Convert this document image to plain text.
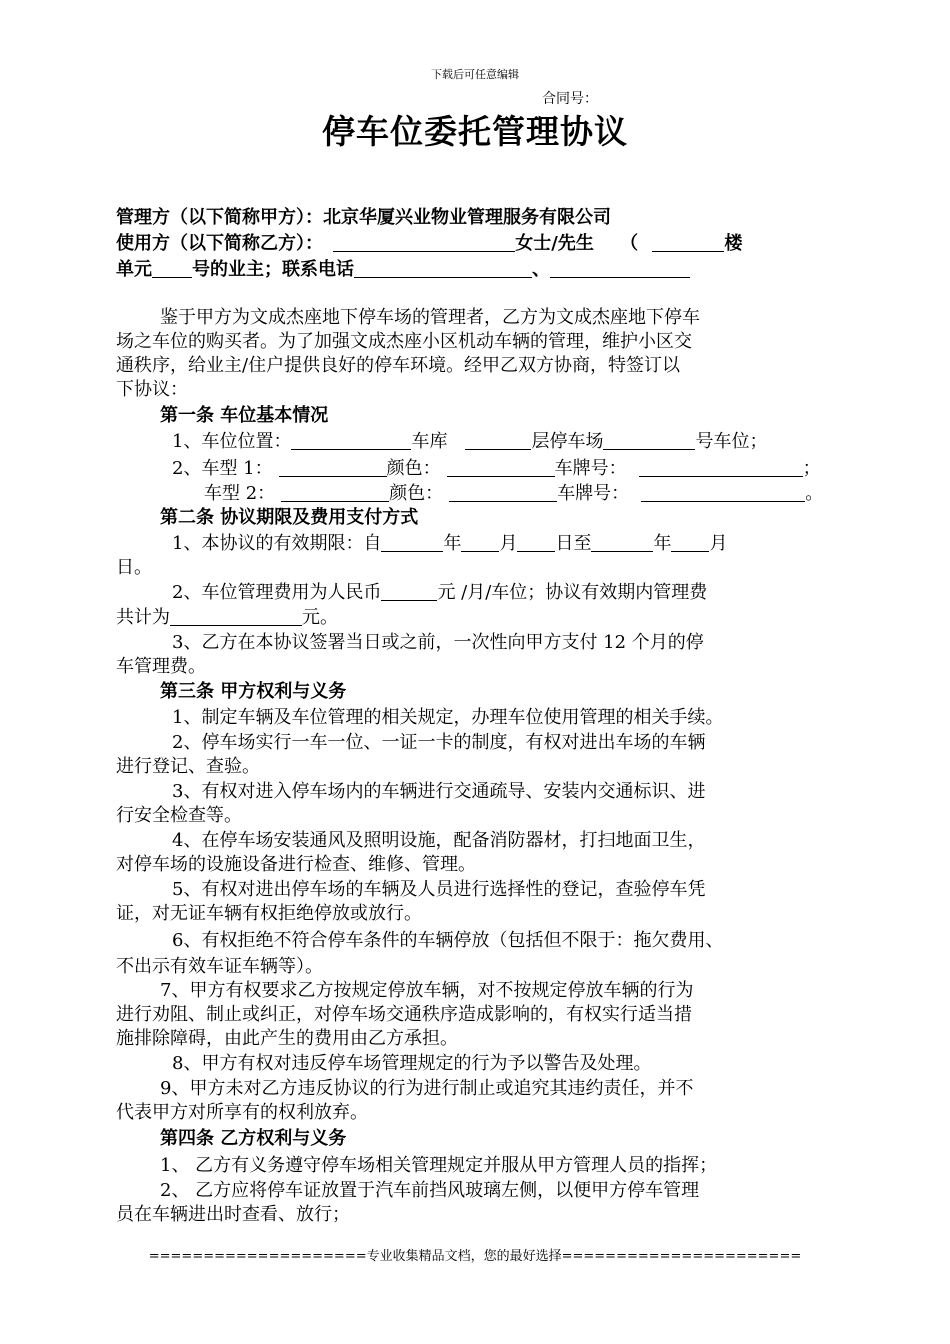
下载后可任意编辑
合同号：
停车位委托管理协议
管理方（以下简称甲方）：北京华厦兴业物业管理服务有限公司
使用方（以下简称乙方）：	女士/先生 （	楼
单元 号的业主；联系电话	、
鉴于甲方为文成杰座地下停车场的管理者，乙方为文成杰座地下停车
场之车位的购买者。为了加强文成杰座小区机动车辆的管理，维护小区交
通秩序，给业主/住户提供良好的停车环境。经甲乙双方协商，特签订以
下协议：
第一条 车位基本情况
1、车位位置：	车库	层停车场	号车位；
2、车型 1：	颜色：	车牌号：	；
车型 2：	颜色：	车牌号：	。
第二条 协议期限及费用支付方式
1、本协议的有效期限：自	年 月 日至	年 月
日。
2、车位管理费用为人民币	元 /月/车位；协议有效期内管理费
共计为	元。
3、乙方在本协议签署当日或之前，一次性向甲方支付 12 个月的停
车管理费。
第三条 甲方权利与义务
1、制定车辆及车位管理的相关规定，办理车位使用管理的相关手续。
2、停车场实行一车一位、一证一卡的制度，有权对进出车场的车辆
进行登记、查验。
3、有权对进入停车场内的车辆进行交通疏导、安装内交通标识、进
行安全检查等。
4、在停车场安装通风及照明设施，配备消防器材，打扫地面卫生，
对停车场的设施设备进行检查、维修、管理。
5、有权对进出停车场的车辆及人员进行选择性的登记，查验停车凭
证，对无证车辆有权拒绝停放或放行。
6、有权拒绝不符合停车条件的车辆停放（包括但不限于：拖欠费用、
不出示有效车证车辆等）。
7、甲方有权要求乙方按规定停放车辆，对不按规定停放车辆的行为
进行劝阻、制止或纠正，对停车场交通秩序造成影响的，有权实行适当措
施排除障碍，由此产生的费用由乙方承担。
8、甲方有权对违反停车场管理规定的行为予以警告及处理。
9、甲方未对乙方违反协议的行为进行制止或追究其违约责任，并不
代表甲方对所享有的权利放弃。
第四条 乙方权利与义务
1、 乙方有义务遵守停车场相关管理规定并服从甲方管理人员的指挥；
2、 乙方应将停车证放置于汽车前挡风玻璃左侧，以便甲方停车管理
员在车辆进出时查看、放行；
====================专业收集精品文档，您的最好选择======================
